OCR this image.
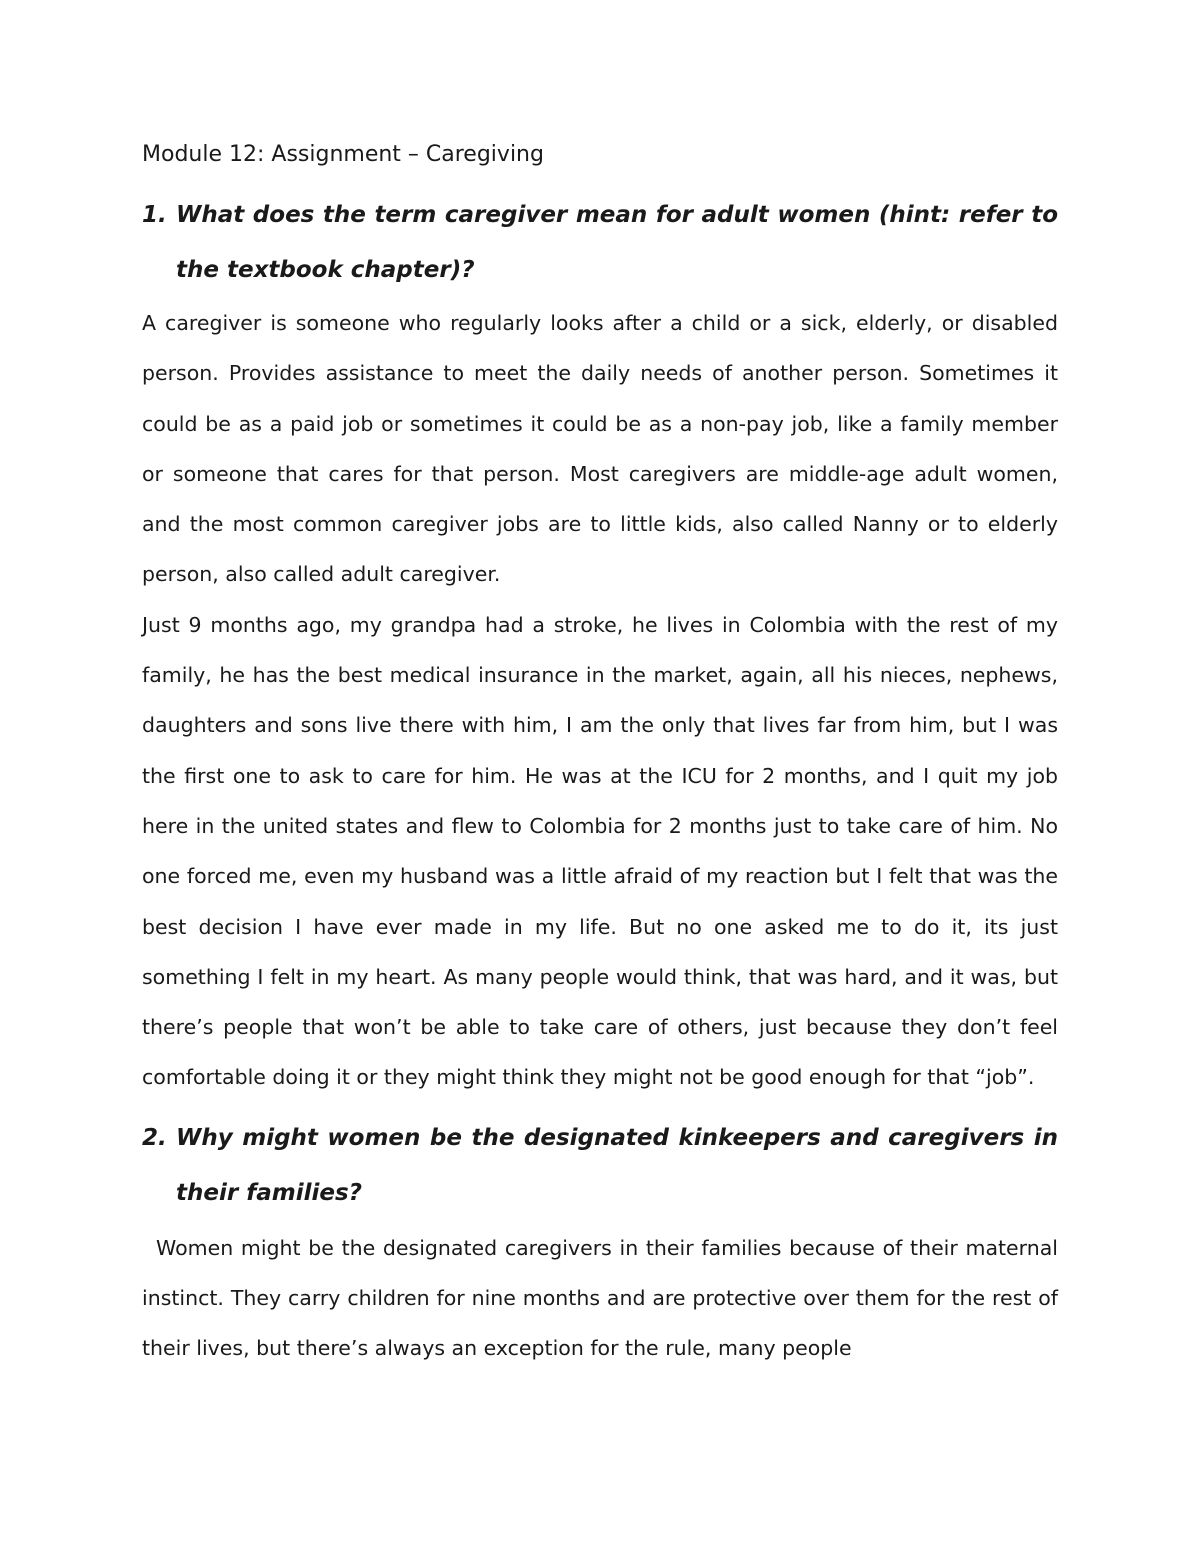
Module 12: Assignment – Caregiving
1. What does the term caregiver mean for adult women (hint: refer to the textbook chapter)?

A caregiver is someone who regularly looks after a child or a sick, elderly, or disabled person. Provides assistance to meet the daily needs of another person. Sometimes it could be as a paid job or sometimes it could be as a non-pay job, like a family member or someone that cares for that person. Most caregivers are middle-age adult women, and the most common caregiver jobs are to little kids, also called Nanny or to elderly person, also called adult caregiver.

Just 9 months ago, my grandpa had a stroke, he lives in Colombia with the rest of my family, he has the best medical insurance in the market, again, all his nieces, nephews, daughters and sons live there with him, I am the only that lives far from him, but I was the first one to ask to care for him. He was at the ICU for 2 months, and I quit my job here in the united states and flew to Colombia for 2 months just to take care of him. No one forced me, even my husband was a little afraid of my reaction but I felt that was the best decision I have ever made in my life. But no one asked me to do it, its just something I felt in my heart. As many people would think, that was hard, and it was, but there’s people that won’t be able to take care of others, just because they don’t feel comfortable doing it or they might think they might not be good enough for that “job”.

2. Why might women be the designated kinkeepers and caregivers in their families?

Women might be the designated caregivers in their families because of their maternal instinct. They carry children for nine months and are protective over them for the rest of their lives, but there’s always an exception for the rule, many people
